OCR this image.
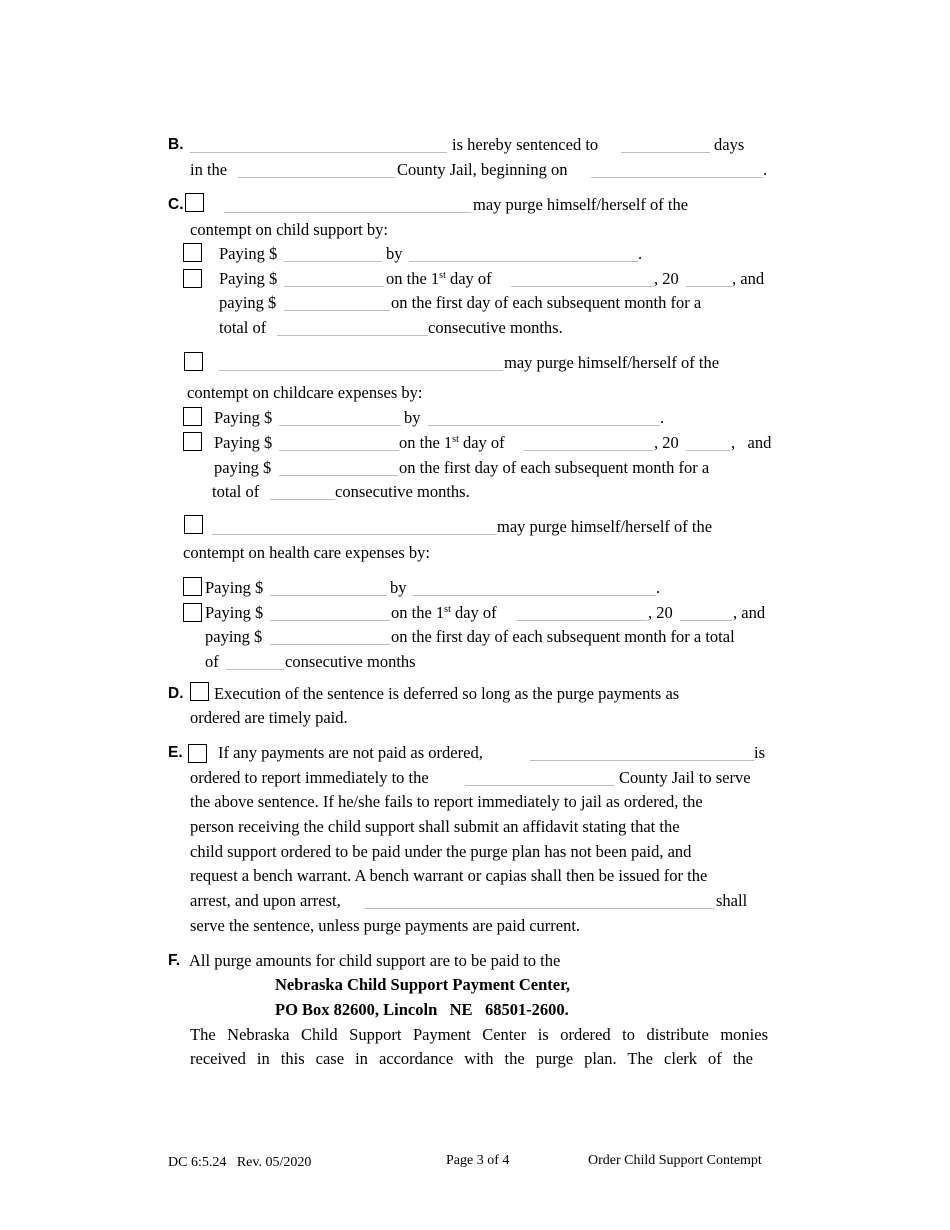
B.	is hereby sentenced to	days
in the	County Jail, beginning on	.
C.	may purge himself/herself of the
contempt on child support by:
Paying $	by	.
Paying $	on the 1st day of	, 20	, and
paying $	on the first day of each subsequent month for a
total of	consecutive months.
may purge himself/herself of the
contempt on childcare expenses by:
Paying $	by	.
Paying $	on the 1st day of	, 20	,   and
paying $	on the first day of each subsequent month for a
total of	consecutive months.
may purge himself/herself of the
contempt on health care expenses by:
Paying $	by	.
Paying $	on the 1st day of	, 20	, and
paying $	on the first day of each subsequent month for a total
of	consecutive months
D. Execution of the sentence is deferred so long as the purge payments as
ordered are timely paid.
E. If any payments are not paid as ordered,	is
ordered to report immediately to the	County Jail to serve
the above sentence. If he/she fails to report immediately to jail as ordered, the
person receiving the child support shall submit an affidavit stating that the
child support ordered to be paid under the purge plan has not been paid, and
request a bench warrant. A bench warrant or capias shall then be issued for the
arrest, and upon arrest,	shall
serve the sentence, unless purge payments are paid current.
F. All purge amounts for child support are to be paid to the
Nebraska Child Support Payment Center,
PO Box 82600, Lincoln   NE   68501-2600.
The Nebraska Child Support Payment Center is ordered to distribute monies
received in this case in accordance with the purge plan. The clerk of the
DC 6:5.24   Rev. 05/2020	Page 3 of 4	Order Child Support Contempt
